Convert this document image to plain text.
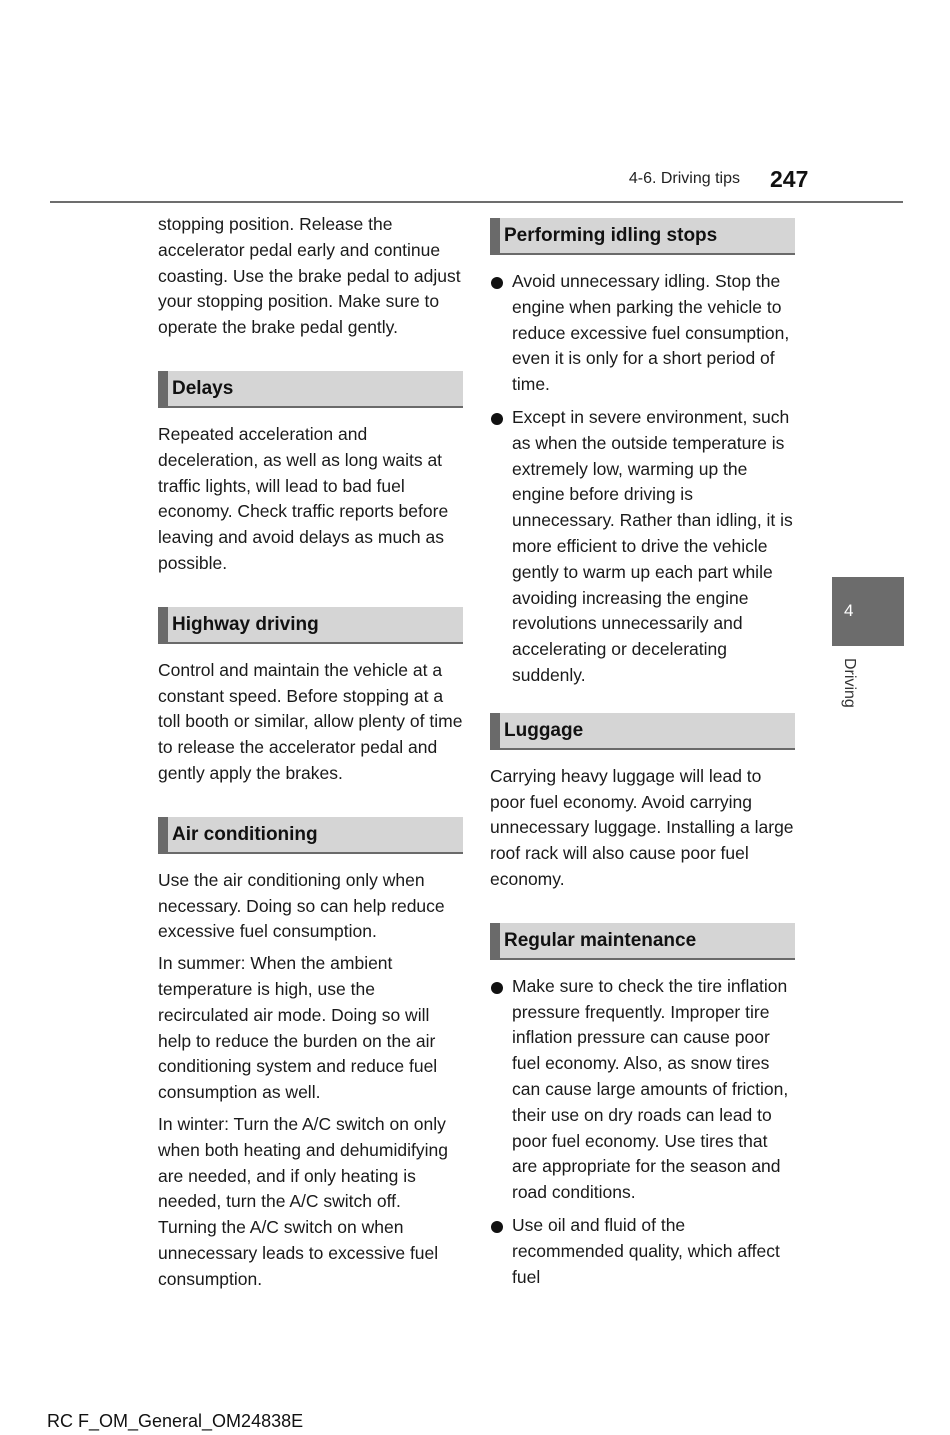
4-6. Driving tips 247

stopping position. Release the accelerator pedal early and continue coasting. Use the brake pedal to adjust your stopping position. Make sure to operate the brake pedal gently.

Delays

Repeated acceleration and deceleration, as well as long waits at traffic lights, will lead to bad fuel economy. Check traffic reports before leaving and avoid delays as much as possible.

Highway driving

Control and maintain the vehicle at a constant speed. Before stopping at a toll booth or similar, allow plenty of time to release the accelerator pedal and gently apply the brakes.

Air conditioning

Use the air conditioning only when necessary. Doing so can help reduce excessive fuel consumption.

In summer: When the ambient temperature is high, use the recirculated air mode. Doing so will help to reduce the burden on the air conditioning system and reduce fuel consumption as well.

In winter: Turn the A/C switch on only when both heating and dehumidifying are needed, and if only heating is needed, turn the A/C switch off. Turning the A/C switch on when unnecessary leads to excessive fuel consumption.

Performing idling stops
Avoid unnecessary idling. Stop the engine when parking the vehicle to reduce excessive fuel consumption, even it is only for a short period of time.
Except in severe environment, such as when the outside temperature is extremely low, warming up the engine before driving is unnecessary. Rather than idling, it is more efficient to drive the vehicle gently to warm up each part while avoiding increasing the engine revolutions unnecessarily and accelerating or decelerating suddenly.
Luggage

Carrying heavy luggage will lead to poor fuel economy. Avoid carrying unnecessary luggage. Installing a large roof rack will also cause poor fuel economy.

Regular maintenance
Make sure to check the tire inflation pressure frequently. Improper tire inflation pressure can cause poor fuel economy. Also, as snow tires can cause large amounts of friction, their use on dry roads can lead to poor fuel economy. Use tires that are appropriate for the season and road conditions.
Use oil and fluid of the recommended quality, which affect fuel
4
Driving
RC F_OM_General_OM24838E
